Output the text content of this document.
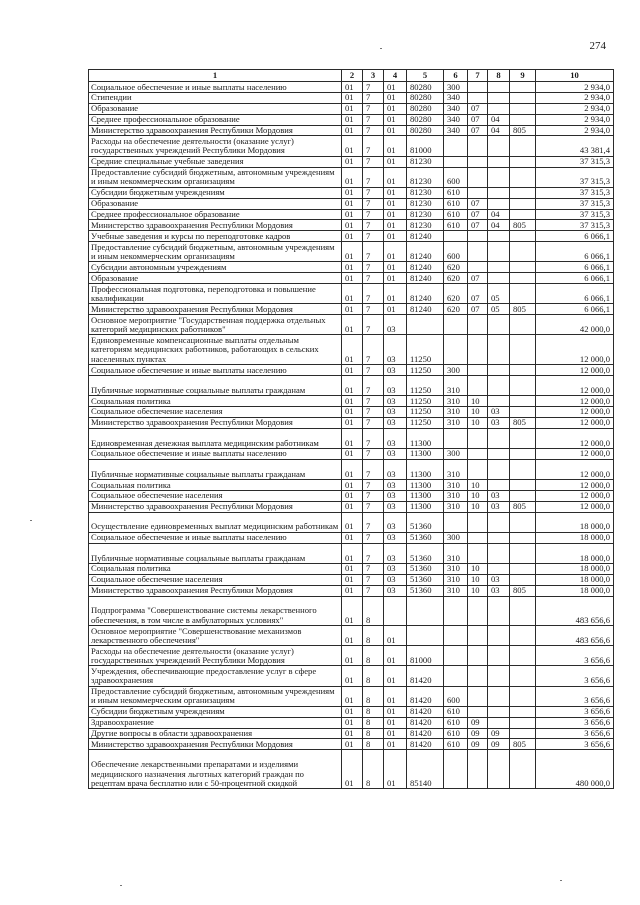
274
1	2	3	4	5	6	7	8	9	10
Социальное обеспечение и иные выплаты населению	01	7	01	80280	300				2 934,0
Стипендии	01	7	01	80280	340				2 934,0
Образование	01	7	01	80280	340	07			2 934,0
Среднее профессиональное образование	01	7	01	80280	340	07	04		2 934,0
Министерство здравоохранения Республики Мордовия	01	7	01	80280	340	07	04	805	2 934,0
Расходы на обеспечение деятельности (оказание услуг) государственных учреждений Республики Мордовия	01	7	01	81000					43 381,4
Средние специальные учебные заведения	01	7	01	81230					37 315,3
Предоставление субсидий бюджетным, автономным учреждениям и иным некоммерческим организациям	01	7	01	81230	600				37 315,3
Субсидии бюджетным учреждениям	01	7	01	81230	610				37 315,3
Образование	01	7	01	81230	610	07			37 315,3
Среднее профессиональное образование	01	7	01	81230	610	07	04		37 315,3
Министерство здравоохранения Республики Мордовия	01	7	01	81230	610	07	04	805	37 315,3
Учебные заведения и курсы по переподготовке кадров	01	7	01	81240					6 066,1
Предоставление субсидий бюджетным, автономным учреждениям и иным некоммерческим организациям	01	7	01	81240	600				6 066,1
Субсидии автономным учреждениям	01	7	01	81240	620				6 066,1
Образование	01	7	01	81240	620	07			6 066,1
Профессиональная подготовка, переподготовка и повышение квалификации	01	7	01	81240	620	07	05		6 066,1
Министерство здравоохранения Республики Мордовия	01	7	01	81240	620	07	05	805	6 066,1
Основное мероприятие "Государственная поддержка отдельных категорий медицинских работников"	01	7	03						42 000,0
Единовременные компенсационные выплаты отдельным категориям медицинских работников, работающих в сельских населенных пунктах	01	7	03	11250					12 000,0
Социальное обеспечение и иные выплаты населению	01	7	03	11250	300				12 000,0
Публичные нормативные социальные выплаты гражданам	01	7	03	11250	310				12 000,0
Социальная политика	01	7	03	11250	310	10			12 000,0
Социальное обеспечение населения	01	7	03	11250	310	10	03		12 000,0
Министерство здравоохранения Республики Мордовия	01	7	03	11250	310	10	03	805	12 000,0
Единовременная денежная выплата медицинским работникам	01	7	03	11300					12 000,0
Социальное обеспечение и иные выплаты населению	01	7	03	11300	300				12 000,0
Публичные нормативные социальные выплаты гражданам	01	7	03	11300	310				12 000,0
Социальная политика	01	7	03	11300	310	10			12 000,0
Социальное обеспечение населения	01	7	03	11300	310	10	03		12 000,0
Министерство здравоохранения Республики Мордовия	01	7	03	11300	310	10	03	805	12 000,0
Осуществление единовременных выплат медицинским работникам	01	7	03	51360					18 000,0
Социальное обеспечение и иные выплаты населению	01	7	03	51360	300				18 000,0
Публичные нормативные социальные выплаты гражданам	01	7	03	51360	310				18 000,0
Социальная политика	01	7	03	51360	310	10			18 000,0
Социальное обеспечение населения	01	7	03	51360	310	10	03		18 000,0
Министерство здравоохранения Республики Мордовия	01	7	03	51360	310	10	03	805	18 000,0
Подпрограмма "Совершенствование системы лекарственного обеспечения, в том числе в амбулаторных условиях"	01	8							483 656,6
Основное мероприятие "Совершенствование механизмов лекарственного обеспечения"	01	8	01						483 656,6
Расходы на обеспечение деятельности (оказание услуг) государственных учреждений Республики Мордовия	01	8	01	81000					3 656,6
Учреждения, обеспечивающие предоставление услуг в сфере здравоохранения	01	8	01	81420					3 656,6
Предоставление субсидий бюджетным, автономным учреждениям и иным некоммерческим организациям	01	8	01	81420	600				3 656,6
Субсидии бюджетным учреждениям	01	8	01	81420	610				3 656,6
Здравоохранение	01	8	01	81420	610	09			3 656,6
Другие вопросы в области здравоохранения	01	8	01	81420	610	09	09		3 656,6
Министерство здравоохранения Республики Мордовия	01	8	01	81420	610	09	09	805	3 656,6
Обеспечение лекарственными препаратами и изделиями медицинского назначения льготных категорий граждан по рецептам врача бесплатно или с 50-процентной скидкой	01	8	01	85140					480 000,0
